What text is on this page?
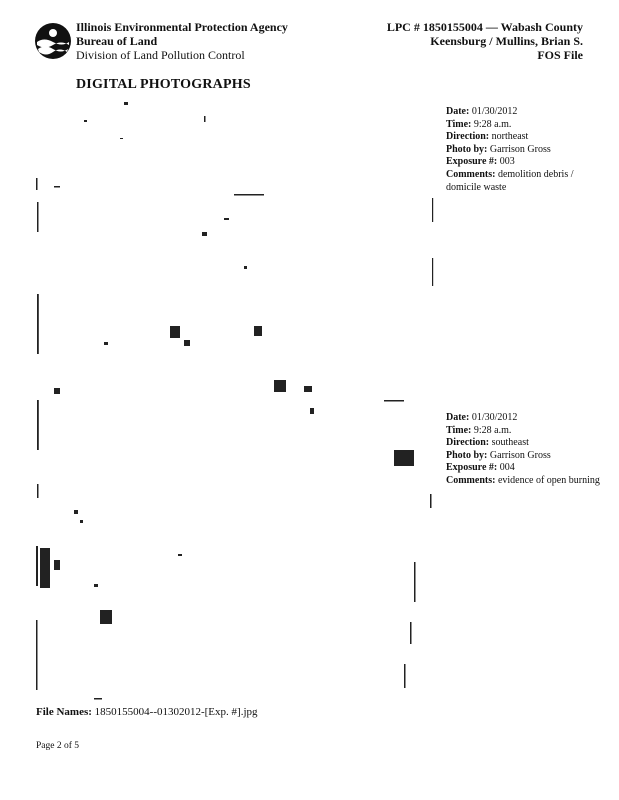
Illinois Environmental Protection Agency
Bureau of Land
Division of Land Pollution Control
LPC # 1850155004 — Wabash County
Keensburg / Mullins, Brian S.
FOS File
DIGITAL PHOTOGRAPHS
Date: 01/30/2012
Time: 9:28 a.m.
Direction: northeast
Photo by: Garrison Gross
Exposure #: 003
Comments: demolition debris / domicile waste
Date: 01/30/2012
Time: 9:28 a.m.
Direction: southeast
Photo by: Garrison Gross
Exposure #: 004
Comments: evidence of open burning
File Names: 1850155004--01302012-[Exp. #].jpg
Page 2 of 5
